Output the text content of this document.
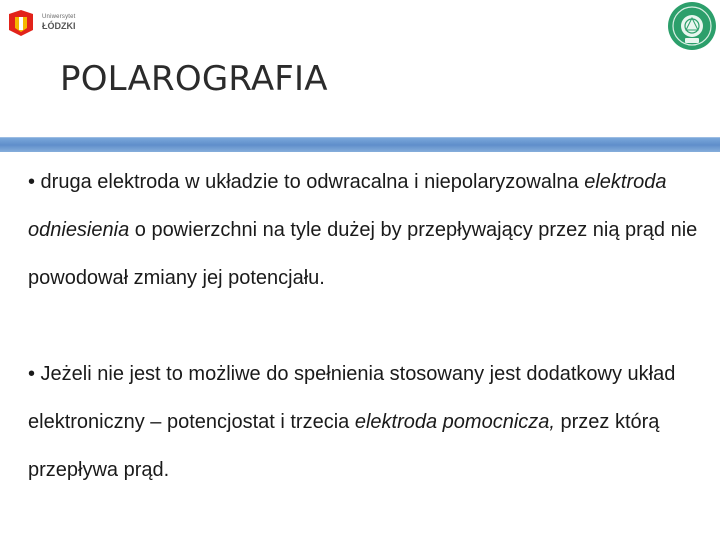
Uniwersytet
ŁÓDZKI
POLAROGRAFIA

• druga elektroda w układzie to odwracalna i niepolaryzowalna elektroda odniesienia o powierzchni na tyle dużej by przepływający przez nią prąd nie powodował zmiany jej potencjału.

• Jeżeli nie jest to możliwe do spełnienia stosowany jest dodatkowy układ elektroniczny – potencjostat i trzecia elektroda pomocnicza, przez którą przepływa prąd.
